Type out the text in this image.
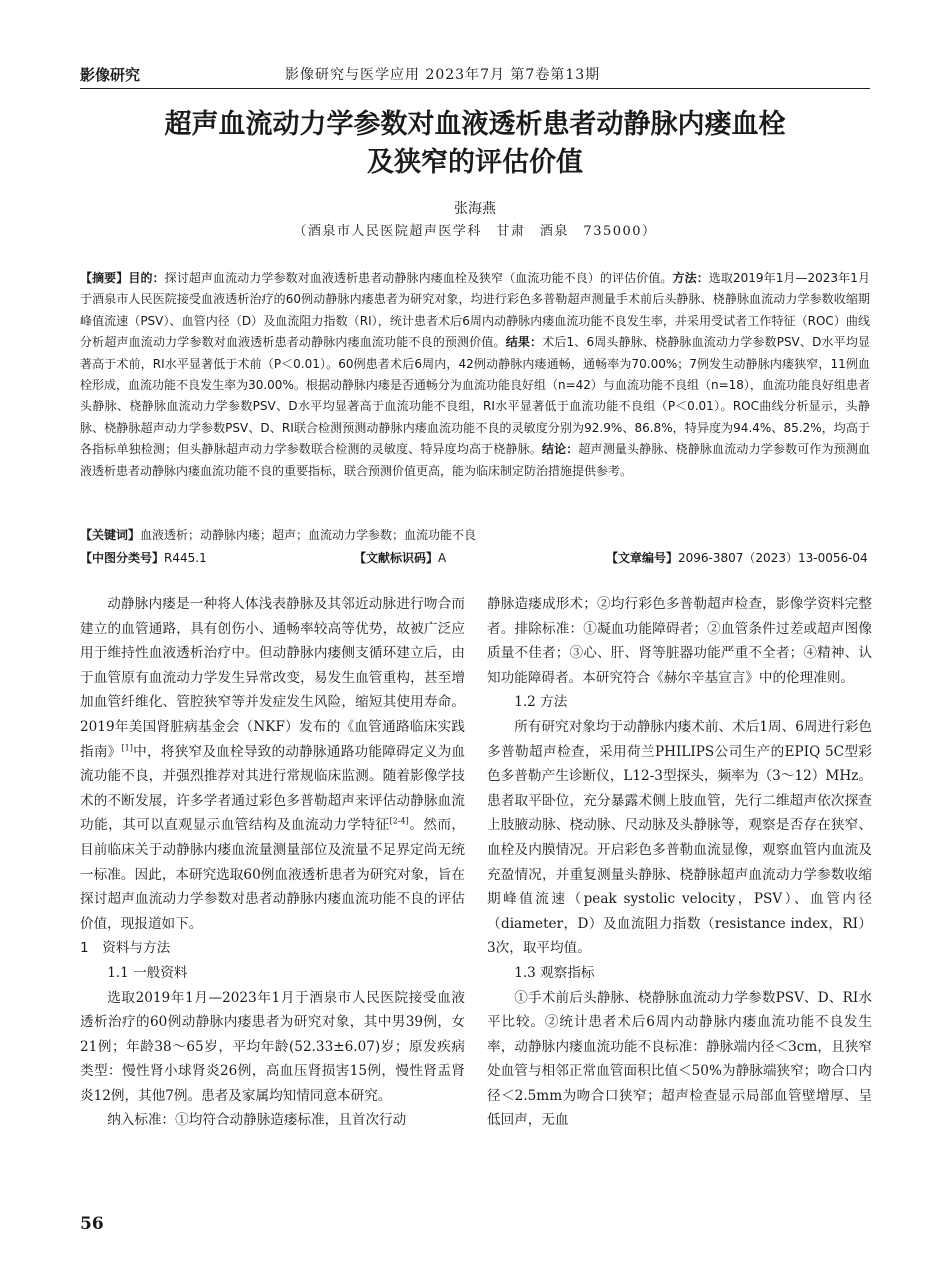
影像研究	影像研究与医学应用 2023年7月 第7卷第13期
超声血流动力学参数对血液透析患者动静脉内瘘血栓
及狭窄的评估价值
张海燕
（酒泉市人民医院超声医学科　甘肃　酒泉　735000）
【摘要】目的：探讨超声血流动力学参数对血液透析患者动静脉内瘘血栓及狭窄（血流功能不良）的评估价值。方法：选取2019年1月—2023年1月于酒泉市人民医院接受血液透析治疗的60例动静脉内瘘患者为研究对象，均进行彩色多普勒超声测量手术前后头静脉、桡静脉血流动力学参数收缩期峰值流速（PSV）、血管内径（D）及血流阻力指数（RI），统计患者术后6周内动静脉内瘘血流功能不良发生率，并采用受试者工作特征（ROC）曲线分析超声血流动力学参数对血液透析患者动静脉内瘘血流功能不良的预测价值。结果：术后1、6周头静脉、桡静脉血流动力学参数PSV、D水平均显著高于术前，RI水平显著低于术前（P＜0.01）。60例患者术后6周内，42例动静脉内瘘通畅，通畅率为70.00%；7例发生动静脉内瘘狭窄，11例血栓形成，血流功能不良发生率为30.00%。根据动静脉内瘘是否通畅分为血流功能良好组（n=42）与血流功能不良组（n=18），血流功能良好组患者头静脉、桡静脉血流动力学参数PSV、D水平均显著高于血流功能不良组，RI水平显著低于血流功能不良组（P＜0.01）。ROC曲线分析显示，头静脉、桡静脉超声动力学参数PSV、D、RI联合检测预测动静脉内瘘血流功能不良的灵敏度分别为92.9%、86.8%，特异度为94.4%、85.2%，均高于各指标单独检测；但头静脉超声动力学参数联合检测的灵敏度、特异度均高于桡静脉。结论：超声测量头静脉、桡静脉血流动力学参数可作为预测血液透析患者动静脉内瘘血流功能不良的重要指标，联合预测价值更高，能为临床制定防治措施提供参考。
【关键词】血液透析；动静脉内瘘；超声；血流动力学参数；血流功能不良
【中图分类号】R445.1	【文献标识码】A	【文章编号】2096-3807（2023）13-0056-04

动静脉内瘘是一种将人体浅表静脉及其邻近动脉进行吻合而建立的血管通路，具有创伤小、通畅率较高等优势，故被广泛应用于维持性血液透析治疗中。但动静脉内瘘侧支循环建立后，由于血管原有血流动力学发生异常改变，易发生血管重构，甚至增加血管纤维化、管腔狭窄等并发症发生风险，缩短其使用寿命。2019年美国肾脏病基金会（NKF）发布的《血管通路临床实践指南》[1]中，将狭窄及血栓导致的动静脉通路功能障碍定义为血流功能不良，并强烈推荐对其进行常规临床监测。随着影像学技术的不断发展，许多学者通过彩色多普勒超声来评估动静脉血流功能，其可以直观显示血管结构及血流动力学特征[2-4]。然而，目前临床关于动静脉内瘘血流量测量部位及流量不足界定尚无统一标准。因此，本研究选取60例血液透析患者为研究对象，旨在探讨超声血流动力学参数对患者动静脉内瘘血流功能不良的评估价值，现报道如下。

1　资料与方法

1.1 一般资料

选取2019年1月—2023年1月于酒泉市人民医院接受血液透析治疗的60例动静脉内瘘患者为研究对象，其中男39例，女21例；年龄38～65岁，平均年龄(52.33±6.07)岁；原发疾病类型：慢性肾小球肾炎26例，高血压肾损害15例，慢性肾盂肾炎12例，其他7例。患者及家属均知情同意本研究。

纳入标准：①均符合动静脉造瘘标准，且首次行动

静脉造瘘成形术；②均行彩色多普勒超声检查，影像学资料完整者。排除标准：①凝血功能障碍者；②血管条件过差或超声图像质量不佳者；③心、肝、肾等脏器功能严重不全者；④精神、认知功能障碍者。本研究符合《赫尔辛基宣言》中的伦理准则。

1.2 方法

所有研究对象均于动静脉内瘘术前、术后1周、6周进行彩色多普勒超声检查，采用荷兰PHILIPS公司生产的EPIQ 5C型彩色多普勒产生诊断仪，L12-3型探头，频率为（3～12）MHz。患者取平卧位，充分暴露术侧上肢血管，先行二维超声依次探查上肢腋动脉、桡动脉、尺动脉及头静脉等，观察是否存在狭窄、血栓及内膜情况。开启彩色多普勒血流显像，观察血管内血流及充盈情况，并重复测量头静脉、桡静脉超声血流动力学参数收缩期峰值流速（peak systolic velocity，PSV）、血管内径（diameter，D）及血流阻力指数（resistance index，RI）3次，取平均值。

1.3 观察指标

①手术前后头静脉、桡静脉血流动力学参数PSV、D、RI水平比较。②统计患者术后6周内动静脉内瘘血流功能不良发生率，动静脉内瘘血流功能不良标准：静脉端内径＜3cm，且狭窄处血管与相邻正常血管面积比值＜50%为静脉端狭窄；吻合口内径＜2.5mm为吻合口狭窄；超声检查显示局部血管壁增厚、呈低回声，无血

56
